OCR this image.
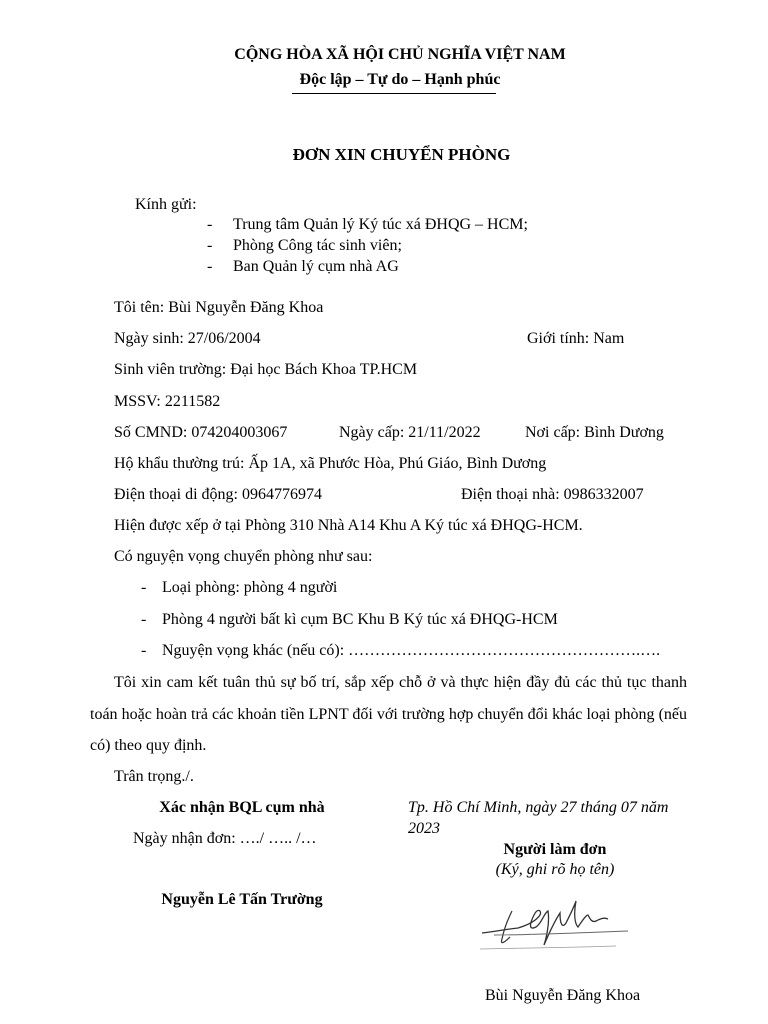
CỘNG HÒA XÃ HỘI CHỦ NGHĨA VIỆT NAM
Độc lập – Tự do – Hạnh phúc
ĐƠN XIN CHUYỂN PHÒNG
Kính gửi:
- Trung tâm Quản lý Ký túc xá ĐHQG – HCM;
- Phòng Công tác sinh viên;
- Ban Quản lý cụm nhà AG
Tôi tên: Bùi Nguyễn Đăng Khoa
Ngày sinh: 27/06/2004	Giới tính: Nam
Sinh viên trường: Đại học Bách Khoa TP.HCM
MSSV: 2211582
Số CMND: 074204003067	Ngày cấp: 21/11/2022	Nơi cấp: Bình Dương
Hộ khẩu thường trú: Ấp 1A, xã Phước Hòa, Phú Giáo, Bình Dương
Điện thoại di động: 0964776974	Điện thoại nhà: 0986332007
Hiện được xếp ở tại Phòng 310 Nhà A14 Khu A Ký túc xá ĐHQG-HCM.
Có nguyện vọng chuyển phòng như sau:
- Loại phòng: phòng 4 người
- Phòng 4 người bất kì cụm BC Khu B Ký túc xá ĐHQG-HCM
- Nguyện vọng khác (nếu có): ……………………………………………….….
Tôi xin cam kết tuân thủ sự bố trí, sắp xếp chỗ ở và thực hiện đầy đủ các thủ tục thanh toán hoặc hoàn trả các khoản tiền LPNT đối với trường hợp chuyển đổi khác loại phòng (nếu có) theo quy định.
Trân trọng./.
Xác nhận BQL cụm nhà
Ngày nhận đơn: …./ ….. /…
Nguyễn Lê Tấn Trường
Tp. Hồ Chí Minh, ngày 27 tháng 07 năm
2023
Người làm đơn
(Ký, ghi rõ họ tên)
Bùi Nguyễn Đăng Khoa
